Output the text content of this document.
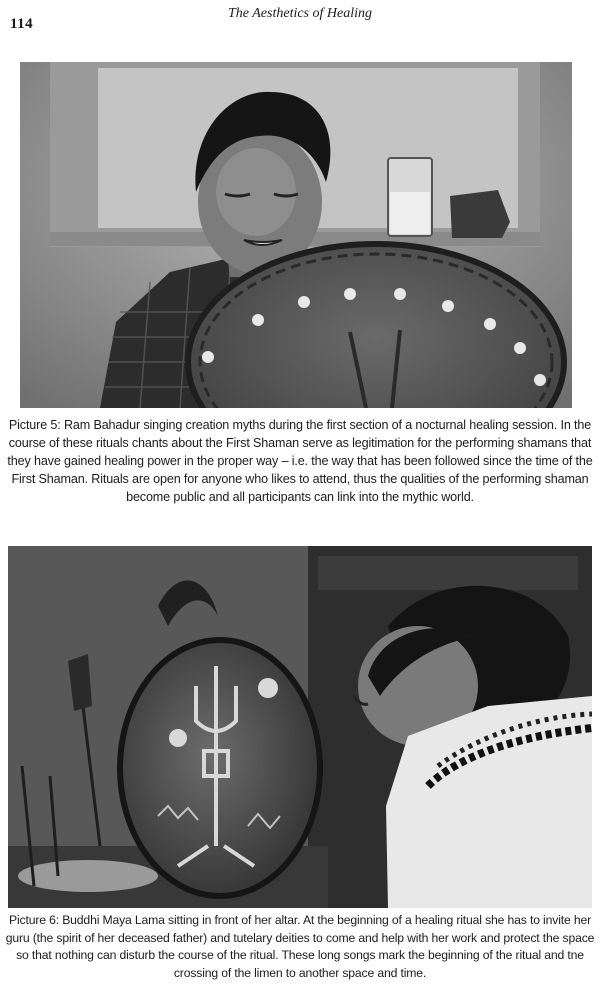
114
The Aesthetics of Healing
Picture 5: Ram Bahadur singing creation myths during the first section of a nocturnal healing session. In the course of these rituals chants about the First Shaman serve as legitimation for the performing shamans that they have gained healing power in the proper way – i.e. the way that has been followed since the time of the First Shaman. Rituals are open for anyone who likes to attend, thus the qualities of the performing shaman become public and all participants can link into the mythic world.
Picture 6: Buddhi Maya Lama sitting in front of her altar. At the beginning of a healing ritual she has to invite her guru (the spirit of her deceased father) and tutelary deities to come and help with her work and protect the space so that nothing can disturb the course of the ritual. These long songs mark the beginning of the ritual and tne crossing of the limen to another space and time.
